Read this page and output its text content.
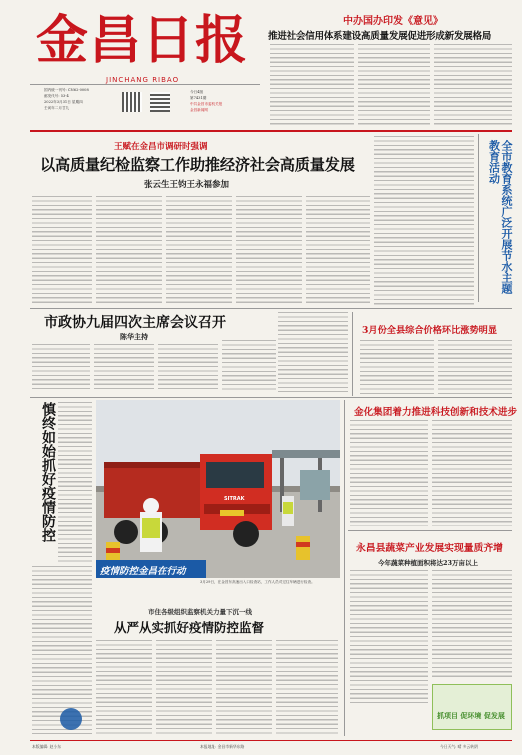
金昌日报
JINCHANG RIBAO
国内统一刊号: CN62-0008
邮发代号: 53-4
2022年3月31日 星期四
壬寅年二月廿九
今日4版
第7431期
中共金昌市委机关报
金昌新闻网
中办国办印发《意见》
推进社会信用体系建设高质量发展促进形成新发展格局
王赋在金昌市调研时强调
以高质量纪检监察工作助推经济社会高质量发展
张云生王钧王永福参加	全市教育系统广泛开展节水主题教育活动
市政协九届四次主席会议召开
陈华主持
3月份全县综合价格环比涨势明显
慎终如始抓好疫情防控	SITRAK
疫情防控金昌在行动
3月29日，在金昌东高速出入口检查站，工作人员对过往车辆进行检查。
市住各级组织监察机关力量下沉一线
从严从实抓好疫情防控监督
金化集团着力推进科技创新和技术进步
永昌县蔬菜产业发展实现量质齐增
今年蔬菜种植面积将达23万亩以上
抓项目 促环境 促发展
本版编辑: 赵小东	本报地址: 金昌市新华东路	今日天气: 晴 多云转阴
